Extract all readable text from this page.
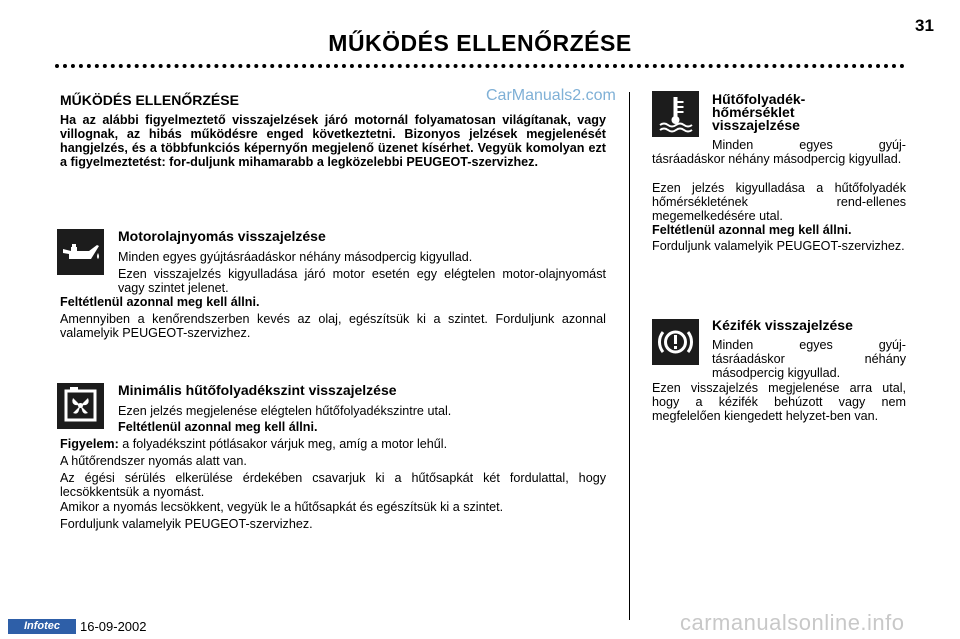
MŰKÖDÉS ELLENŐRZÉSE
31
CarManuals2.com
carmanualsonline.info
MŰKÖDÉS ELLENŐRZÉSE

Ha az alábbi figyelmeztető visszajelzések járó motornál folyamatosan világítanak, vagy villognak, az hibás működésre enged következtetni. Bizonyos jelzések megjelenését hangjelzés, és a többfunkciós képernyőn megjelenő üzenet kísérhet. Vegyük komolyan ezt a figyelmeztetést: for-duljunk mihamarabb a legközelebbi PEUGEOT-szervizhez.

Motorolajnyomás visszajelzése

Minden egyes gyújtásráadáskor néhány másodpercig kigyullad.

Ezen visszajelzés kigyulladása járó motor esetén egy elégtelen motor-olajnyomást vagy szintet jelenet.

Feltétlenül azonnal meg kell állni.

Amennyiben a kenőrendszerben kevés az olaj, egészítsük ki a szintet. Forduljunk azonnal valamelyik PEUGEOT-szervizhez.

Minimális hűtőfolyadékszint visszajelzése

Ezen jelzés megjelenése elégtelen hűtőfolyadékszintre utal.

Feltétlenül azonnal meg kell állni.

Figyelem: a folyadékszint pótlásakor várjuk meg, amíg a motor lehűl.

A hűtőrendszer nyomás alatt van.

Az égési sérülés elkerülése érdekében csavarjuk ki a hűtősapkát két fordulattal, hogy lecsökkentsük a nyomást.

Amikor a nyomás lecsökkent, vegyük le a hűtősapkát és egészítsük ki a szintet.

Forduljunk valamelyik PEUGEOT-szervizhez.

Hűtőfolyadék-
hőmérséklet
visszajelzése

Minden egyes gyúj-

tásráadáskor néhány másodpercig kigyullad.

Ezen jelzés kigyulladása a hűtőfolyadék hőmérsékletének rend-ellenes megemelkedésére utal.

Feltétlenül azonnal meg kell állni.

Forduljunk valamelyik PEUGEOT-szervizhez.

Kézifék visszajelzése

Minden egyes gyúj-

tásráadáskor néhány

másodpercig kigyullad.

Ezen visszajelzés megjelenése arra utal, hogy a kézifék behúzott vagy nem megfelelően kiengedett helyzet-ben van.

Infotec	16-09-2002
